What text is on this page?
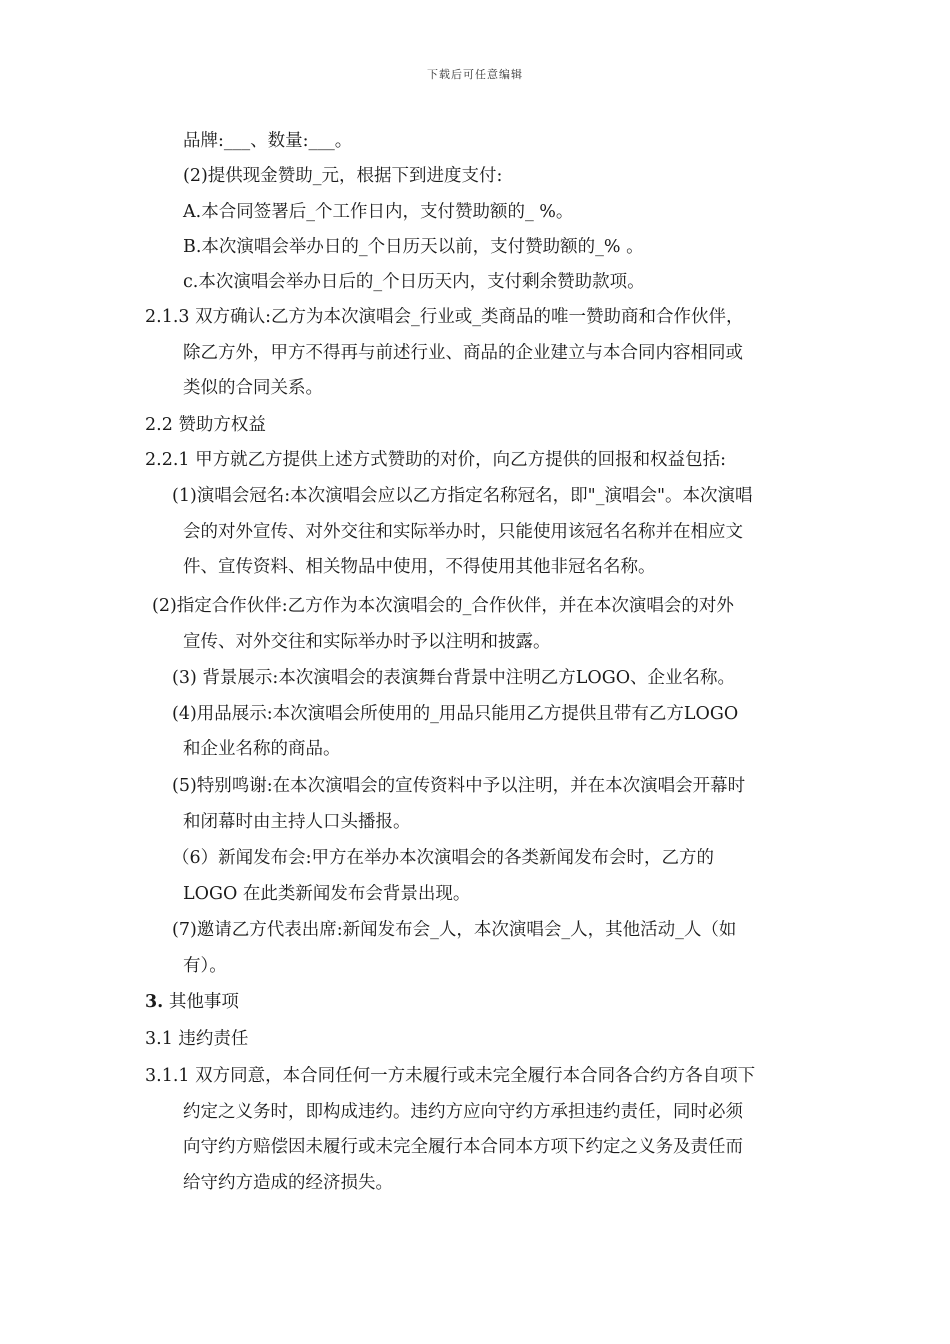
下载后可任意编辑
品牌:___、数量:___。
(2)提供现金赞助_元，根据下到进度支付:
A.本合同签署后_个工作日内，支付赞助额的_ %。
B.本次演唱会举办日的_个日历天以前，支付赞助额的_% 。
c.本次演唱会举办日后的_个日历天内，支付剩余赞助款项。
2.1.3 双方确认:乙方为本次演唱会_行业或_类商品的唯一赞助商和合作伙伴，
除乙方外，甲方不得再与前述行业、商品的企业建立与本合同内容相同或
类似的合同关系。
2.2 赞助方权益
2.2.1 甲方就乙方提供上述方式赞助的对价，向乙方提供的回报和权益包括:
(1)演唱会冠名:本次演唱会应以乙方指定名称冠名，即"_演唱会"。本次演唱
会的对外宣传、对外交往和实际举办时，只能使用该冠名名称并在相应文
件、宣传资料、相关物品中使用，不得使用其他非冠名名称。
(2)指定合作伙伴:乙方作为本次演唱会的_合作伙伴，并在本次演唱会的对外
宣传、对外交往和实际举办时予以注明和披露。
(3) 背景展示:本次演唱会的表演舞台背景中注明乙方LOGO、企业名称。
(4)用品展示:本次演唱会所使用的_用品只能用乙方提供且带有乙方LOGO
和企业名称的商品。
(5)特别鸣谢:在本次演唱会的宣传资料中予以注明，并在本次演唱会开幕时
和闭幕时由主持人口头播报。
（6）新闻发布会:甲方在举办本次演唱会的各类新闻发布会时，乙方的
LOGO 在此类新闻发布会背景出现。
(7)邀请乙方代表出席:新闻发布会_人，本次演唱会_人，其他活动_人（如
有）。
3. 其他事项
3.1 违约责任
3.1.1 双方同意，本合同任何一方未履行或未完全履行本合同各合约方各自项下
约定之义务时，即构成违约。违约方应向守约方承担违约责任，同时必须
向守约方赔偿因未履行或未完全履行本合同本方项下约定之义务及责任而
给守约方造成的经济损失。
